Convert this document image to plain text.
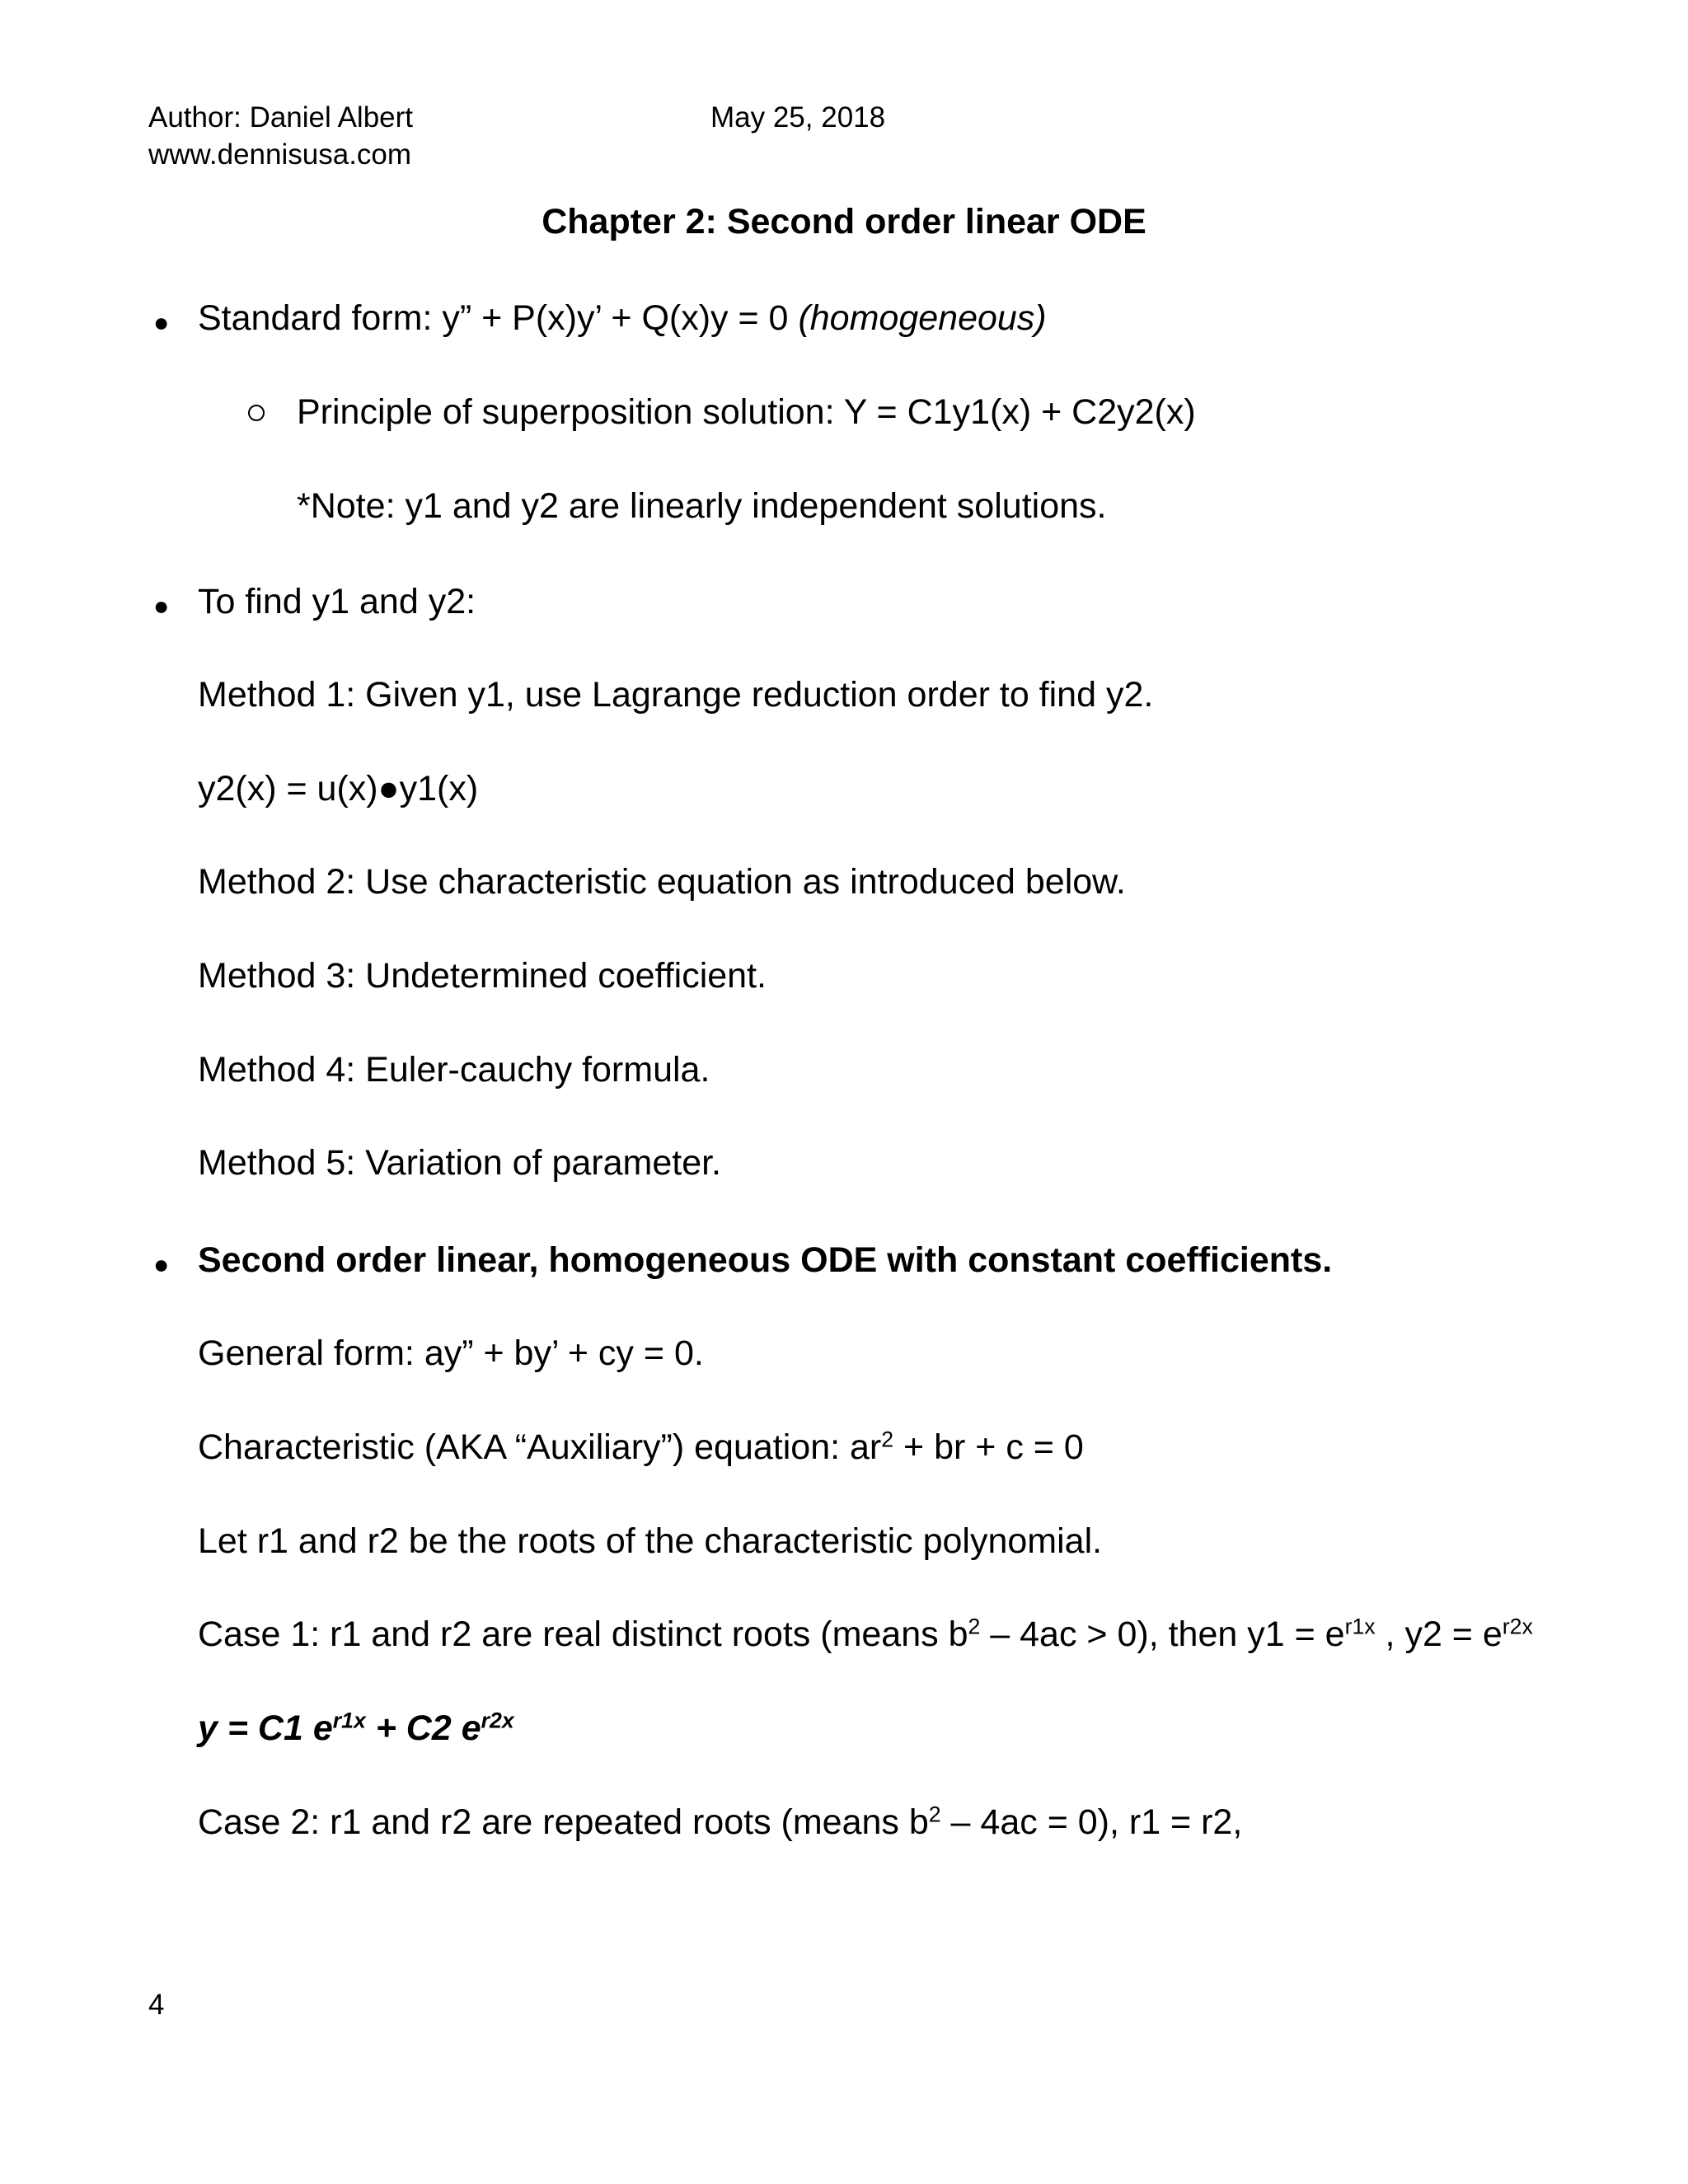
Author: Daniel Albert	May 25, 2018
www.dennisusa.com
Chapter 2: Second order linear ODE
● Standard form: y” + P(x)y’ + Q(x)y = 0 (homogeneous)
Principle of superposition solution: Y = C1y1(x) + C2y2(x)
*Note: y1 and y2 are linearly independent solutions.
● To find y1 and y2:
Method 1: Given y1, use Lagrange reduction order to find y2.
y2(x) = u(x)●y1(x)
Method 2: Use characteristic equation as introduced below.
Method 3: Undetermined coefficient.
Method 4: Euler-cauchy formula.
Method 5: Variation of parameter.
● Second order linear, homogeneous ODE with constant coefficients.
General form: ay” + by’ + cy = 0.
Characteristic (AKA “Auxiliary”) equation: $ar^2$ + br + c = 0
Let r1 and r2 be the roots of the characteristic polynomial.
Case 1: r1 and r2 are real distinct roots (means $b^2 - 4ac > 0$), then $y1 = e^{r1x}$ , $y2 = e^{r2x}$
y = C1 $e^{r1x} + C2$ $e^{r2x}$
Case 2: r1 and r2 are repeated roots (means $b^2 - 4ac = 0$), r1 = r2,
4
